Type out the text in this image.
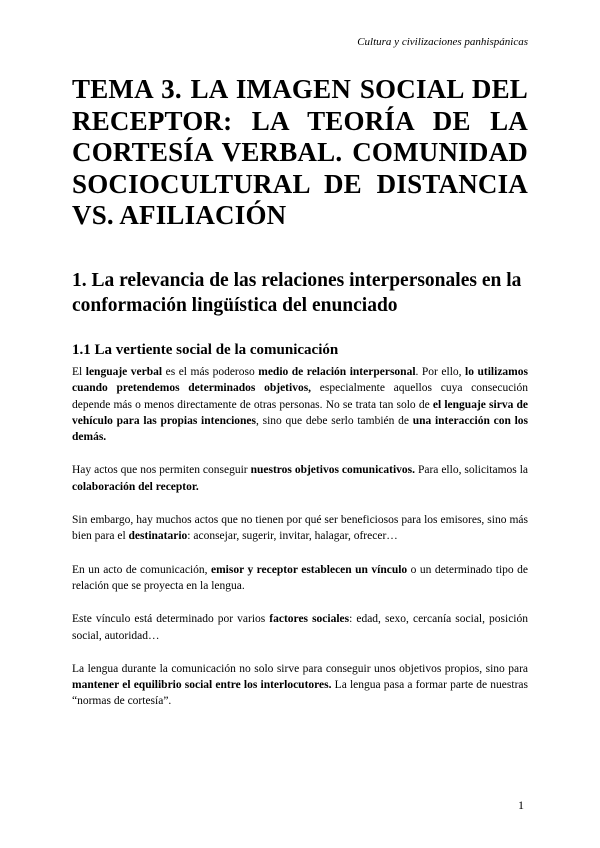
Cultura y civilizaciones panhispánicas
TEMA 3. LA IMAGEN SOCIAL DEL
RECEPTOR: LA TEORÍA DE LA
CORTESÍA VERBAL. COMUNIDAD
SOCIOCULTURAL DE DISTANCIA
VS. AFILIACIÓN
1. La relevancia de las relaciones interpersonales en la conformación lingüística del enunciado
1.1 La vertiente social de la comunicación

El lenguaje verbal es el más poderoso medio de relación interpersonal. Por ello, lo utilizamos cuando pretendemos determinados objetivos, especialmente aquellos cuya consecución depende más o menos directamente de otras personas. No se trata tan solo de el lenguaje sirva de vehículo para las propias intenciones, sino que debe serlo también de una interacción con los demás.

Hay actos que nos permiten conseguir nuestros objetivos comunicativos. Para ello, solicitamos la colaboración del receptor.

Sin embargo, hay muchos actos que no tienen por qué ser beneficiosos para los emisores, sino más bien para el destinatario: aconsejar, sugerir, invitar, halagar, ofrecer…

En un acto de comunicación, emisor y receptor establecen un vínculo o un determinado tipo de relación que se proyecta en la lengua.

Este vínculo está determinado por varios factores sociales: edad, sexo, cercanía social, posición social, autoridad…

La lengua durante la comunicación no solo sirve para conseguir unos objetivos propios, sino para mantener el equilibrio social entre los interlocutores. La lengua pasa a formar parte de nuestras “normas de cortesía”.

1
